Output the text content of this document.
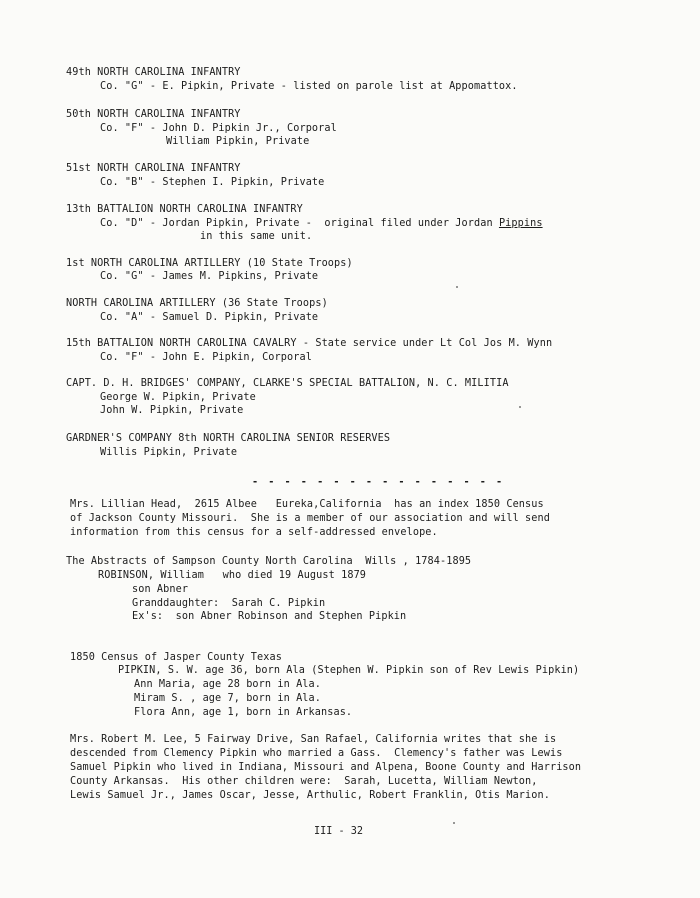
49th NORTH CAROLINA INFANTRY
Co. "G" - E. Pipkin, Private - listed on parole list at Appomattox.
50th NORTH CAROLINA INFANTRY
Co. "F" - John D. Pipkin Jr., Corporal
William Pipkin, Private
51st NORTH CAROLINA INFANTRY
Co. "B" - Stephen I. Pipkin, Private
13th BATTALION NORTH CAROLINA INFANTRY
Co. "D" - Jordan Pipkin, Private -  original filed under Jordan Pippins
in this same unit.
1st NORTH CAROLINA ARTILLERY (10 State Troops)
Co. "G" - James M. Pipkins, Private
NORTH CAROLINA ARTILLERY (36 State Troops)
Co. "A" - Samuel D. Pipkin, Private
15th BATTALION NORTH CAROLINA CAVALRY - State service under Lt Col Jos M. Wynn
Co. "F" - John E. Pipkin, Corporal
CAPT. D. H. BRIDGES' COMPANY, CLARKE'S SPECIAL BATTALION, N. C. MILITIA
George W. Pipkin, Private
John W. Pipkin, Private
GARDNER'S COMPANY 8th NORTH CAROLINA SENIOR RESERVES
Willis Pipkin, Private
- - - - - - - - - - - - - - - -
Mrs. Lillian Head,  2615 Albee   Eureka,California  has an index 1850 Census
of Jackson County Missouri.  She is a member of our association and will send
information from this census for a self-addressed envelope.
The Abstracts of Sampson County North Carolina  Wills , 1784-1895
ROBINSON, William   who died 19 August 1879
son Abner
Granddaughter:  Sarah C. Pipkin
Ex's:  son Abner Robinson and Stephen Pipkin
1850 Census of Jasper County Texas
PIPKIN, S. W. age 36, born Ala (Stephen W. Pipkin son of Rev Lewis Pipkin)
Ann Maria, age 28 born in Ala.
Miram S. , age 7, born in Ala.
Flora Ann, age 1, born in Arkansas.
Mrs. Robert M. Lee, 5 Fairway Drive, San Rafael, California writes that she is
descended from Clemency Pipkin who married a Gass.  Clemency's father was Lewis
Samuel Pipkin who lived in Indiana, Missouri and Alpena, Boone County and Harrison
County Arkansas.  His other children were:  Sarah, Lucetta, William Newton,
Lewis Samuel Jr., James Oscar, Jesse, Arthulic, Robert Franklin, Otis Marion.
III - 32
